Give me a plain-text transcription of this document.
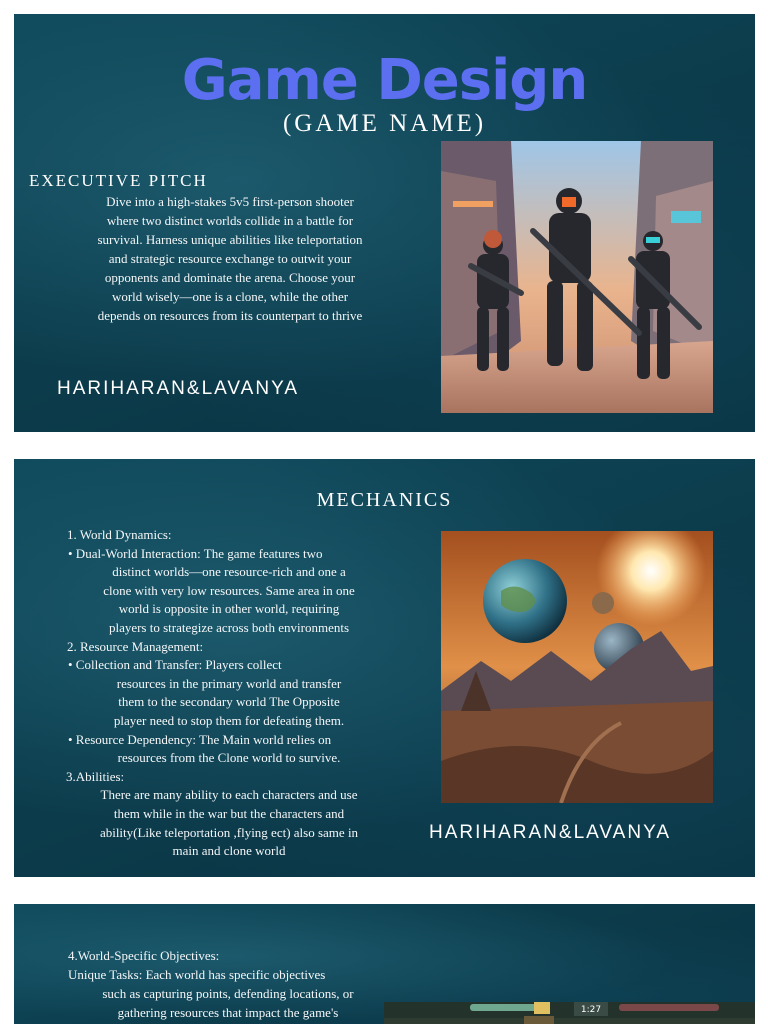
Game Design
(GAME NAME)
EXECUTIVE PITCH
Dive into a high-stakes 5v5 first-person shooter
where two distinct worlds collide in a battle for
survival. Harness unique abilities like teleportation
and strategic resource exchange to outwit your
opponents and dominate the arena. Choose your
world wisely—one is a clone, while the other
depends on resources from its counterpart to thrive
HARIHARAN&LAVANYA
MECHANICS
1. World Dynamics:
• Dual-World Interaction: The game features two
distinct worlds—one resource-rich and one a
clone with very low resources. Same area in one
world is opposite in other world, requiring
players to strategize across both environments
2. Resource Management:
• Collection and Transfer: Players collect
resources in the primary world and transfer
them to the secondary world The Opposite
player need to stop them for defeating them.
• Resource Dependency: The Main world relies on
resources from the Clone world to survive.
3.Abilities:
There are many ability to each characters and use
them while in the war but the characters and
ability(Like teleportation ,flying ect) also same in
main and clone world
HARIHARAN&LAVANYA
4.World-Specific Objectives:
Unique Tasks: Each world has specific objectives
such as capturing points, defending locations, or
gathering resources that impact the game's	1:27
